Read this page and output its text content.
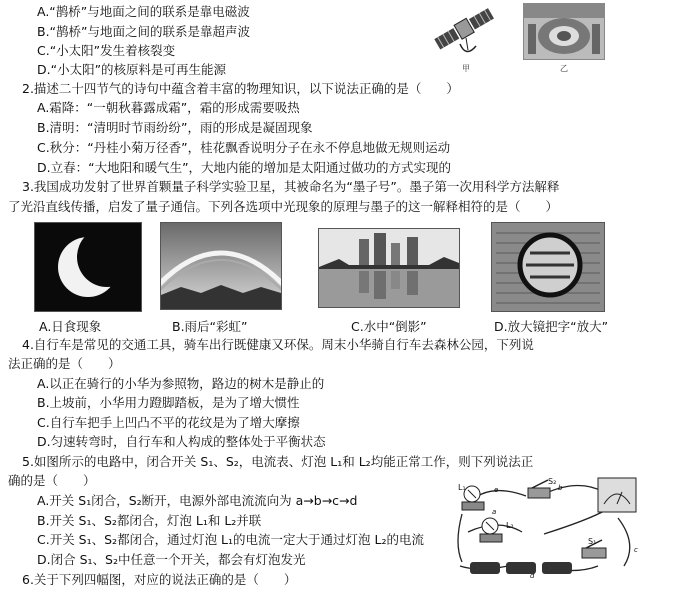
A.“鹊桥”与地面之间的联系是靠电磁波
B.“鹊桥”与地面之间的联系是靠超声波
C.“小太阳”发生着核裂变
D.“小太阳”的核原料是可再生能源	甲	乙
2.描述二十四节气的诗句中蕴含着丰富的物理知识，以下说法正确的是（　　）
A.霜降：“一朝秋暮露成霜”，霜的形成需要吸热
B.清明：“清明时节雨纷纷”，雨的形成是凝固现象
C.秋分：“丹桂小菊万径香”，桂花飘香说明分子在永不停息地做无规则运动
D.立春：“大地阳和暖气生”，大地内能的增加是太阳通过做功的方式实现的
3.我国成功发射了世界首颗量子科学实验卫星，其被命名为“墨子号”。墨子第一次用科学方法解释
了光沿直线传播，启发了量子通信。下列各选项中光现象的原理与墨子的这一解释相符的是（　　）
A.日食现象	B.雨后“彩虹”	C.水中“倒影”	D.放大镜把字“放大”
4.自行车是常见的交通工具，骑车出行既健康又环保。周末小华骑自行车去森林公园，下列说
法正确的是（　　）
A.以正在骑行的小华为参照物，路边的树木是静止的
B.上坡前，小华用力蹬脚踏板，是为了增大惯性
C.自行车把手上凹凸不平的花纹是为了增大摩擦
D.匀速转弯时，自行车和人构成的整体处于平衡状态
5.如图所示的电路中，闭合开关 S₁、S₂，电流表、灯泡 L₁和 L₂均能正常工作，则下列说法正
确的是（　　）
A.开关 S₁闭合，S₂断开，电源外部电流流向为 a→b→c→d
B.开关 S₁、S₂都闭合，灯泡 L₁和 L₂并联
C.开关 S₁、S₂都闭合，通过灯泡 L₁的电流一定大于通过灯泡 L₂的电流
D.闭合 S₁、S₂中任意一个开关，都会有灯泡发光
L₁
L₂
S₂
S₁
e	b
a
c
d
6.关于下列四幅图，对应的说法正确的是（　　）
